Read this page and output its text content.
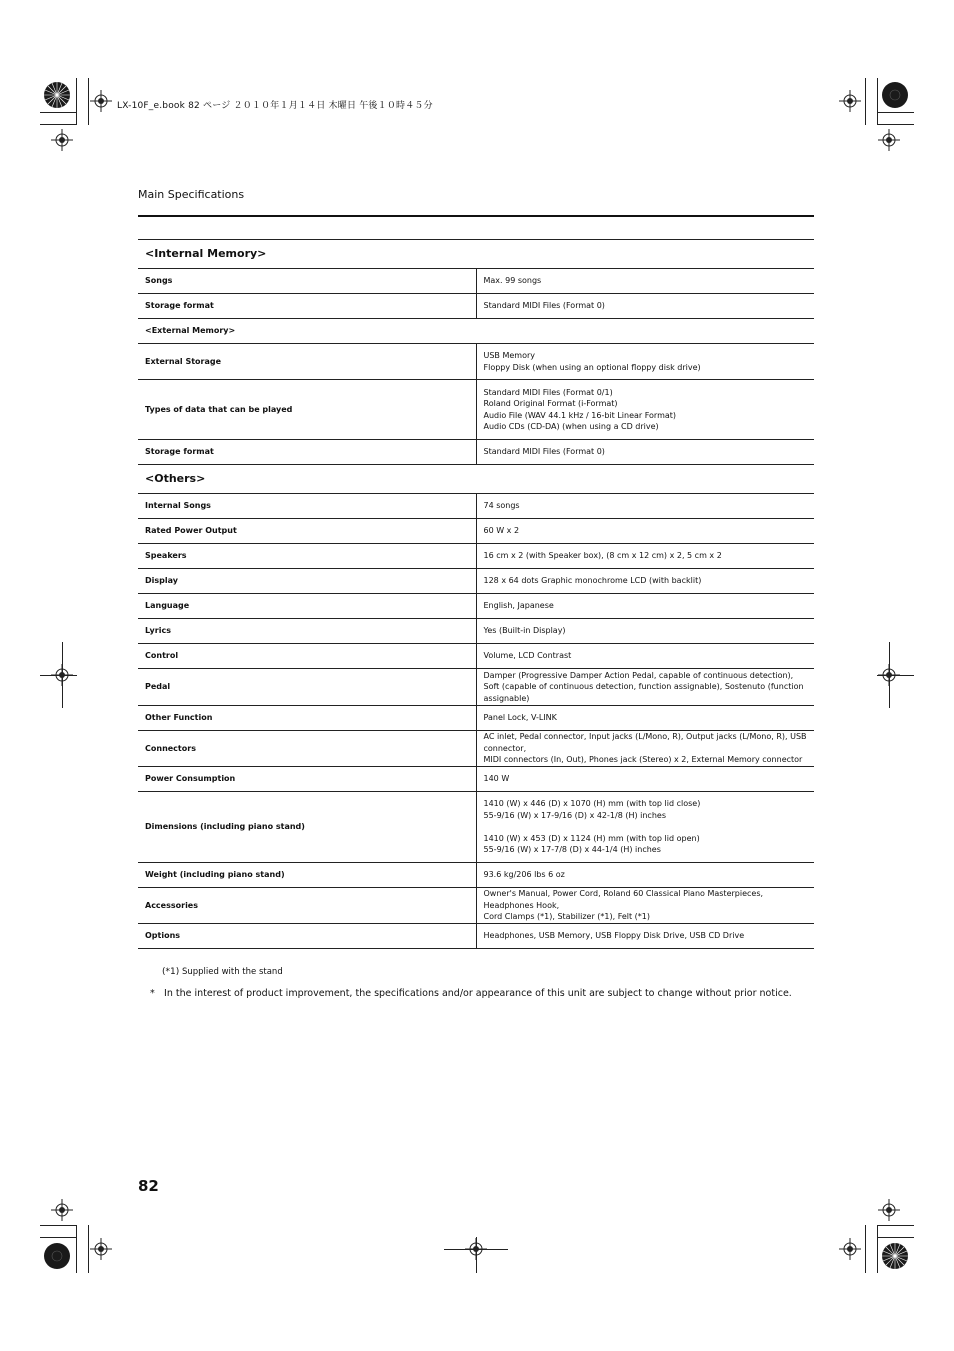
LX-10F_e.book 82 ページ ２０１０年１月１４日 木曜日 午後１０時４５分
Main Specifications
<Internal Memory>	
Songs	Max. 99 songs

Storage format	Standard MIDI Files (Format 0)

<External Memory>	
External Storage	USB Memory
Floppy Disk (when using an optional floppy disk drive)

Types of data that can be played	Standard MIDI Files (Format 0/1)
Roland Original Format (i-Format)
Audio File (WAV 44.1 kHz / 16-bit Linear Format)
Audio CDs (CD-DA) (when using a CD drive)

Storage format	Standard MIDI Files (Format 0)

<Others>	
Internal Songs	74 songs

Rated Power Output	60 W x 2

Speakers	16 cm x 2 (with Speaker box), (8 cm x 12 cm) x 2, 5 cm x 2

Display	128 x 64 dots Graphic monochrome LCD (with backlit)

Language	English, Japanese

Lyrics	Yes (Built-in Display)

Control	Volume, LCD Contrast

Pedal	Damper (Progressive Damper Action Pedal, capable of continuous detection),
Soft (capable of continuous detection, function assignable), Sostenuto (function assignable)

Other Function	Panel Lock, V-LINK

Connectors	AC inlet, Pedal connector, Input jacks (L/Mono, R), Output jacks (L/Mono, R), USB connector,
MIDI connectors (In, Out), Phones jack (Stereo) x 2, External Memory connector

Power Consumption	140 W

Dimensions (including piano stand)	1410 (W) x 446 (D) x 1070 (H) mm (with top lid close)
55-9/16 (W) x 17-9/16 (D) x 42-1/8 (H) inches
1410 (W) x 453 (D) x 1124 (H) mm (with top lid open)
55-9/16 (W) x 17-7/8 (D) x 44-1/4 (H) inches

Weight (including piano stand)	93.6 kg/206 lbs 6 oz

Accessories	Owner's Manual, Power Cord, Roland 60 Classical Piano Masterpieces, Headphones Hook,
Cord Clamps (*1), Stabilizer (*1), Felt (*1)

Options	Headphones, USB Memory, USB Floppy Disk Drive, USB CD Drive
(*1) Supplied with the stand
* In the interest of product improvement, the specifications and/or appearance of this unit are subject to change without prior notice.
82
